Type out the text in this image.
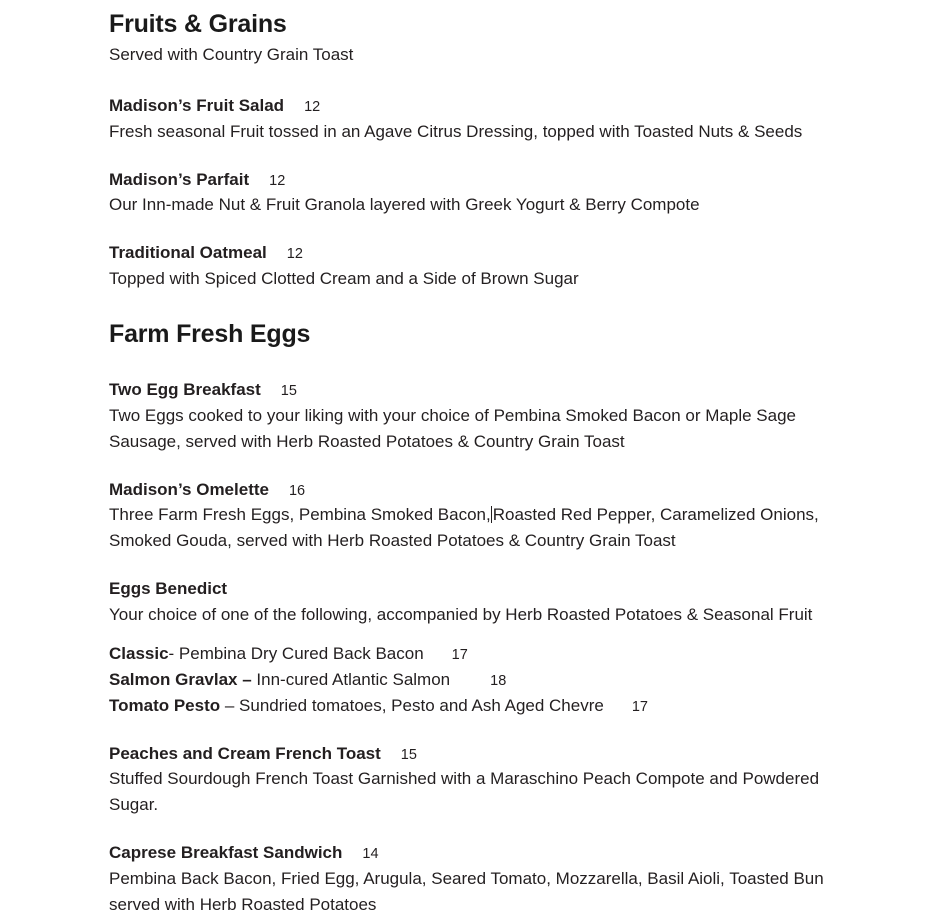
Fruits & Grains
Served with Country Grain Toast
Madison’s Fruit Salad 12
Fresh seasonal Fruit tossed in an Agave Citrus Dressing, topped with Toasted Nuts & Seeds
Madison’s Parfait 12
Our Inn-made Nut & Fruit Granola layered with Greek Yogurt & Berry Compote
Traditional Oatmeal 12
Topped with Spiced Clotted Cream and a Side of Brown Sugar
Farm Fresh Eggs
Two Egg Breakfast 15
Two Eggs cooked to your liking with your choice of Pembina Smoked Bacon or Maple Sage Sausage, served with Herb Roasted Potatoes & Country Grain Toast
Madison’s Omelette 16
Three Farm Fresh Eggs, Pembina Smoked Bacon, Roasted Red Pepper, Caramelized Onions, Smoked Gouda, served with Herb Roasted Potatoes & Country Grain Toast
Eggs Benedict
Your choice of one of the following, accompanied by Herb Roasted Potatoes & Seasonal Fruit
Classic- Pembina Dry Cured Back Bacon 17
Salmon Gravlax – Inn-cured Atlantic Salmon	18
Tomato Pesto – Sundried tomatoes, Pesto and Ash Aged Chevre 17
Peaches and Cream French Toast 15
Stuffed Sourdough French Toast Garnished with a Maraschino Peach Compote and Powdered Sugar.
Caprese Breakfast Sandwich 14
Pembina Back Bacon, Fried Egg, Arugula, Seared Tomato, Mozzarella, Basil Aioli, Toasted Bun served with Herb Roasted Potatoes
